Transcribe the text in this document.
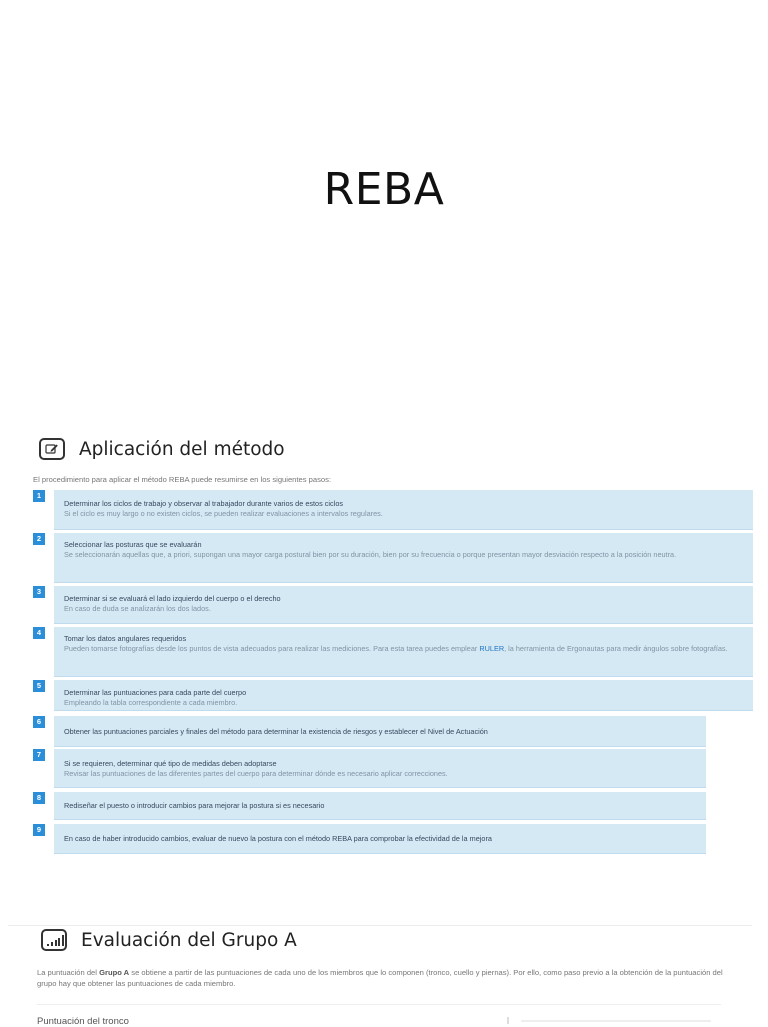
REBA
Aplicación del método
El procedimiento para aplicar el método REBA puede resumirse en los siguientes pasos:
1
Determinar los ciclos de trabajo y observar al trabajador durante varios de estos ciclos
Si el ciclo es muy largo o no existen ciclos, se pueden realizar evaluaciones a intervalos regulares.
2
Seleccionar las posturas que se evaluarán
Se seleccionarán aquellas que, a priori, supongan una mayor carga postural bien por su duración, bien por su frecuencia o porque presentan mayor desviación respecto a la posición neutra.
3
Determinar si se evaluará el lado izquierdo del cuerpo o el derecho
En caso de duda se analizarán los dos lados.
4
Tomar los datos angulares requeridos
Pueden tomarse fotografías desde los puntos de vista adecuados para realizar las mediciones. Para esta tarea puedes emplear RULER, la herramienta de Ergonautas para medir ángulos sobre fotografías.
5
Determinar las puntuaciones para cada parte del cuerpo
Empleando la tabla correspondiente a cada miembro.
6
Obtener las puntuaciones parciales y finales del método para determinar la existencia de riesgos y establecer el Nivel de Actuación
7
Si se requieren, determinar qué tipo de medidas deben adoptarse
Revisar las puntuaciones de las diferentes partes del cuerpo para determinar dónde es necesario aplicar correcciones.
8
Rediseñar el puesto o introducir cambios para mejorar la postura si es necesario
9
En caso de haber introducido cambios, evaluar de nuevo la postura con el método REBA para comprobar la efectividad de la mejora
Evaluación del Grupo A
La puntuación del Grupo A se obtiene a partir de las puntuaciones de cada uno de los miembros que lo componen (tronco, cuello y piernas). Por ello, como paso previo a la obtención de la puntuación del grupo hay que obtener las puntuaciones de cada miembro.
Puntuación del tronco
